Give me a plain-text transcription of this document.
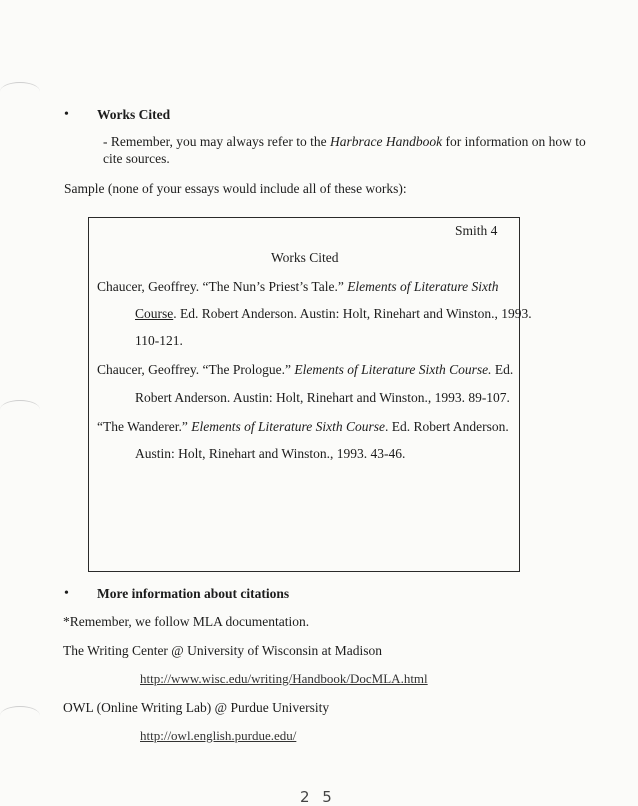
• Works Cited
- Remember, you may always refer to the Harbrace Handbook for information on how to
cite sources.
Sample (none of your essays would include all of these works):
Smith 4
Works Cited
Chaucer, Geoffrey. “The Nun’s Priest’s Tale.” Elements of Literature Sixth
Course. Ed. Robert Anderson. Austin: Holt, Rinehart and Winston., 1993.
110-121.
Chaucer, Geoffrey. “The Prologue.” Elements of Literature Sixth Course. Ed.
Robert Anderson. Austin: Holt, Rinehart and Winston., 1993. 89-107.
“The Wanderer.” Elements of Literature Sixth Course. Ed. Robert Anderson.
Austin: Holt, Rinehart and Winston., 1993. 43-46.
• More information about citations
*Remember, we follow MLA documentation.
The Writing Center @ University of Wisconsin at Madison
http://www.wisc.edu/writing/Handbook/DocMLA.html
OWL (Online Writing Lab) @ Purdue University
http://owl.english.purdue.edu/
2 5
